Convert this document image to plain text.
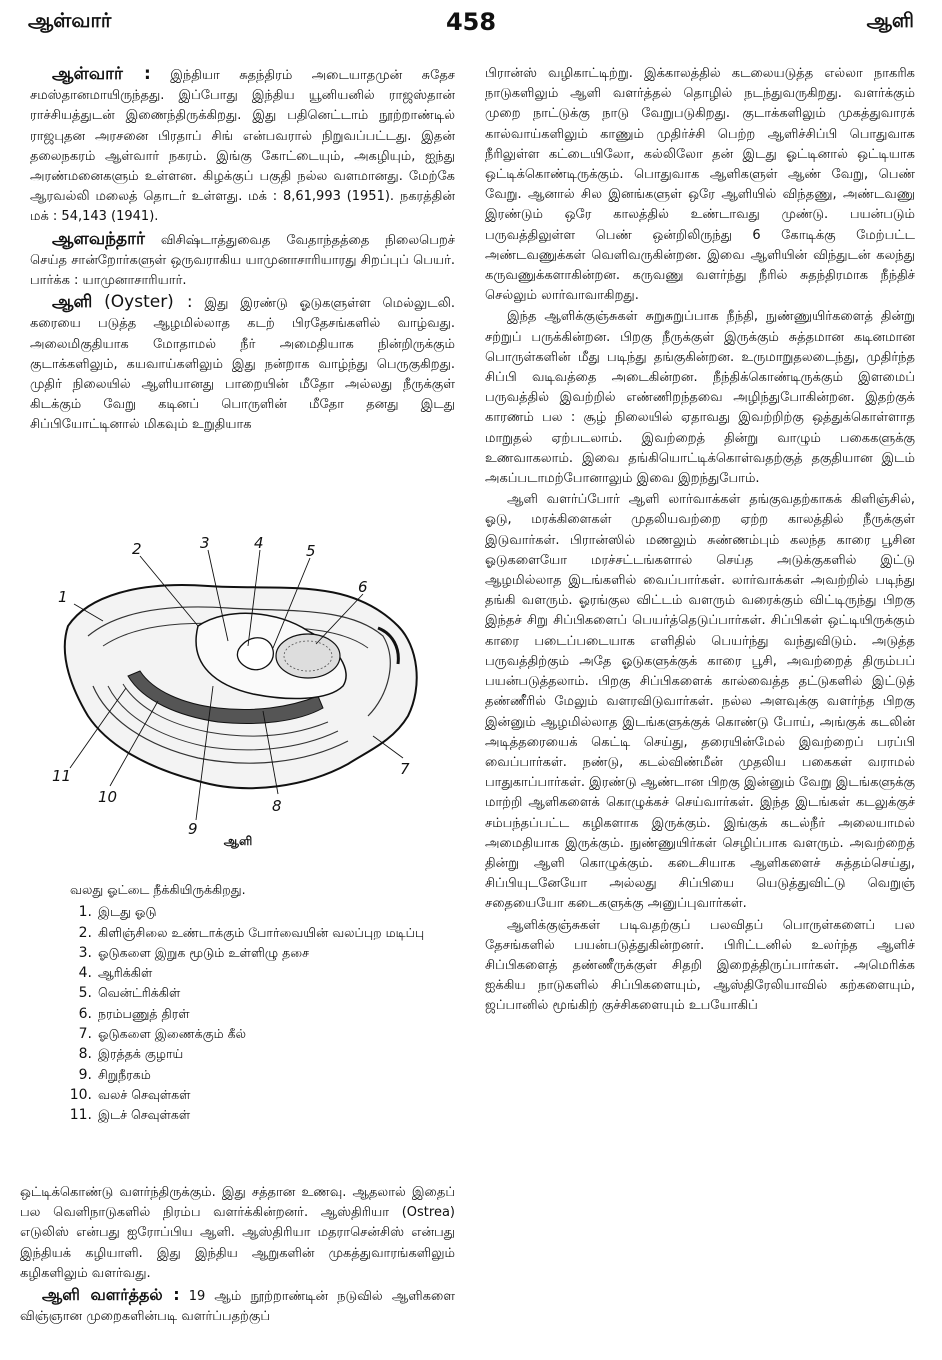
ஆள்வார்	458	ஆளி

ஆள்வார் : இந்தியா சுதந்திரம் அடையாதமுன் சுதேச சமஸ்தானமாயிருந்தது. இப்போது இந்திய யூனியனில் ராஜஸ்தான் ராச்சியத்துடன் இணைந்திருக்கிறது. இது பதினெட்டாம் நூற்றாண்டில் ராஜபுதன அரசனை பிரதாப் சிங் என்பவரால் நிறுவப்பட்டது. இதன் தலைநகரம் ஆள்வார் நகரம். இங்கு கோட்டையும், அகழியும், ஐந்து அரண்மனைகளும் உள்ளன. கிழக்குப் பகுதி நல்ல வளமானது. மேற்கே ஆரவல்லி மலைத் தொடர் உள்ளது. மக் : 8,61,993 (1951). நகரத்தின் மக் : 54,143 (1941).

ஆளவந்தார் விசிஷ்டாத்துவைத வேதாந்தத்தை நிலைபெறச் செய்த சான்றோர்களுள் ஒருவராகிய யாமுனாசாரியாரது சிறப்புப் பெயர். பார்க்க : யாமுனாசாரியார்.

ஆளி (Oyster) : இது இரண்டு ஓடுகளுள்ள மெல்லுடலி. கரையை படுத்த ஆழமில்லாத கடற் பிரதேசங்களில் வாழ்வது. அலைமிகுதியாக மோதாமல் நீர் அமைதியாக நின்றிருக்கும் குடாக்களிலும், கயவாய்களிலும் இது நன்றாக வாழ்ந்து பெருகுகிறது. முதிர் நிலையில் ஆளியானது பாறையின் மீதோ அல்லது நீருக்குள் கிடக்கும் வேறு கடினப் பொருளின் மீதோ தனது இடது சிப்பியோட்டினால் மிகவும் உறுதியாக

1
2	3	4	5
6
7
8
9
10
11
ஆளி
வலது ஓட்டை நீக்கியிருக்கிறது.
1. இடது ஓடு
2. கிளிஞ்சிலை உண்டாக்கும் போர்வையின் வலப்புற மடிப்பு
3. ஓடுகளை இறுக மூடும் உள்ளிழு தசை
4. ஆரிக்கிள்
5. வென்ட்ரிக்கிள்
6. நரம்பணுத் திரள்
7. ஓடுகளை இணைக்கும் கீல்
8. இரத்தக் குழாய்
9. சிறுநீரகம்
10. வலச் செவுள்கள்
11. இடச் செவுள்கள்

ஒட்டிக்கொண்டு வளர்ந்திருக்கும். இது சத்தான உணவு. ஆதலால் இதைப் பல வெளிநாடுகளில் நிரம்ப வளர்க்கின்றனர். ஆஸ்திரியா (Ostrea) எடுலிஸ் என்பது ஐரோப்பிய ஆளி. ஆஸ்திரியா மதராசென்சிஸ் என்பது இந்தியக் கழியாளி. இது இந்திய ஆறுகளின் முகத்துவாரங்களிலும் கழிகளிலும் வளர்வது.

ஆளி வளர்த்தல் : 19 ஆம் நூற்றாண்டின் நடுவில் ஆளிகளை விஞ்ஞான முறைகளின்படி வளர்ப்பதற்குப்

பிரான்ஸ் வழிகாட்டிற்று. இக்காலத்தில் கடலையடுத்த எல்லா நாகரிக நாடுகளிலும் ஆளி வளர்த்தல் தொழில் நடந்துவருகிறது. வளர்க்கும் முறை நாட்டுக்கு நாடு வேறுபடுகிறது. குடாக்களிலும் முகத்துவாரக் கால்வாய்களிலும் காணும் முதிர்ச்சி பெற்ற ஆளிச்சிப்பி பொதுவாக நீரிலுள்ள கட்டையிலோ, கல்லிலோ தன் இடது ஓட்டினால் ஒட்டியாக ஒட்டிக்கொண்டிருக்கும். பொதுவாக ஆளிகளுள் ஆண் வேறு, பெண் வேறு. ஆனால் சில இனங்களுள் ஒரே ஆளியில் விந்தணு, அண்டவணு இரண்டும் ஒரே காலத்தில் உண்டாவது முண்டு. பயன்படும் பருவத்திலுள்ள பெண் ஒன்றிலிருந்து 6 கோடிக்கு மேற்பட்ட அண்டவணுக்கள் வெளிவருகின்றன. இவை ஆளியின் விந்துடன் கலந்து கருவணுக்களாகின்றன. கருவணு வளர்ந்து நீரில் சுதந்திரமாக நீந்திச் செல்லும் லார்வாவாகிறது.

இந்த ஆளிக்குஞ்சுகள் சுறுசுறுப்பாக நீந்தி, நுண்ணுயிர்களைத் தின்று சற்றுப் பருக்கின்றன. பிறகு நீருக்குள் இருக்கும் சுத்தமான கடினமான பொருள்களின் மீது படிந்து தங்குகின்றன. உருமாறுதலடைந்து, முதிர்ந்த சிப்பி வடிவத்தை அடைகின்றன. நீந்திக்கொண்டிருக்கும் இளமைப் பருவத்தில் இவற்றில் எண்ணிறந்தவை அழிந்துபோகின்றன. இதற்குக் காரணம் பல : சூழ் நிலையில் ஏதாவது இவற்றிற்கு ஒத்துக்கொள்ளாத மாறுதல் ஏற்படலாம். இவற்றைத் தின்று வாழும் பகைகளுக்கு உணவாகலாம். இவை தங்கியொட்டிக்கொள்வதற்குத் தகுதியான இடம் அகப்படாமற்போனாலும் இவை இறந்துபோம்.

ஆளி வளர்ப்போர் ஆளி லார்வாக்கள் தங்குவதற்காகக் கிளிஞ்சில், ஓடு, மரக்கிளைகள் முதலியவற்றை ஏற்ற காலத்தில் நீருக்குள் இடுவார்கள். பிரான்ஸில் மணலும் சுண்ணம்பும் கலந்த காரை பூசின ஓடுகளையோ மரச்சட்டங்களால் செய்த அடுக்குகளில் இட்டு ஆழமில்லாத இடங்களில் வைப்பார்கள். லார்வாக்கள் அவற்றில் படிந்து தங்கி வளரும். ஓரங்குல விட்டம் வளரும் வரைக்கும் விட்டிருந்து பிறகு இந்தச் சிறு சிப்பிகளைப் பெயர்த்தெடுப்பார்கள். சிப்பிகள் ஒட்டியிருக்கும் காரை படைப்படையாக எளிதில் பெயர்ந்து வந்துவிடும். அடுத்த பருவத்திற்கும் அதே ஓடுகளுக்குக் காரை பூசி, அவற்றைத் திரும்பப் பயன்படுத்தலாம். பிறகு சிப்பிகளைக் கால்வைத்த தட்டுகளில் இட்டுத் தண்ணீரில் மேலும் வளரவிடுவார்கள். நல்ல அளவுக்கு வளர்ந்த பிறகு இன்னும் ஆழமில்லாத இடங்களுக்குக் கொண்டு போய், அங்குக் கடலின் அடித்தரையைக் கெட்டி செய்து, தரையின்மேல் இவற்றைப் பரப்பி வைப்பார்கள். நண்டு, கடல்விண்மீன் முதலிய பகைகள் வராமல் பாதுகாப்பார்கள். இரண்டு ஆண்டான பிறகு இன்னும் வேறு இடங்களுக்கு மாற்றி ஆளிகளைக் கொழுக்கச் செய்வார்கள். இந்த இடங்கள் கடலுக்குச் சம்பந்தப்பட்ட கழிகளாக இருக்கும். இங்குக் கடல்நீர் அலையாமல் அமைதியாக இருக்கும். நுண்ணுயிர்கள் செழிப்பாக வளரும். அவற்றைத் தின்று ஆளி கொழுக்கும். கடைசியாக ஆளிகளைச் சுத்தம்செய்து, சிப்பியுடனேயோ அல்லது சிப்பியை யெடுத்துவிட்டு வெறுஞ் சதையையோ கடைகளுக்கு அனுப்புவார்கள்.

ஆளிக்குஞ்சுகள் படிவதற்குப் பலவிதப் பொருள்களைப் பல தேசங்களில் பயன்படுத்துகின்றனர். பிரிட்டனில் உலர்ந்த ஆளிச் சிப்பிகளைத் தண்ணீருக்குள் சிதறி இறைத்திருப்பார்கள். அமெரிக்க ஐக்கிய நாடுகளில் சிப்பிகளையும், ஆஸ்திரேலியாவில் கற்களையும், ஜப்பானில் மூங்கிற் குச்சிகளையும் உபயோகிப்
